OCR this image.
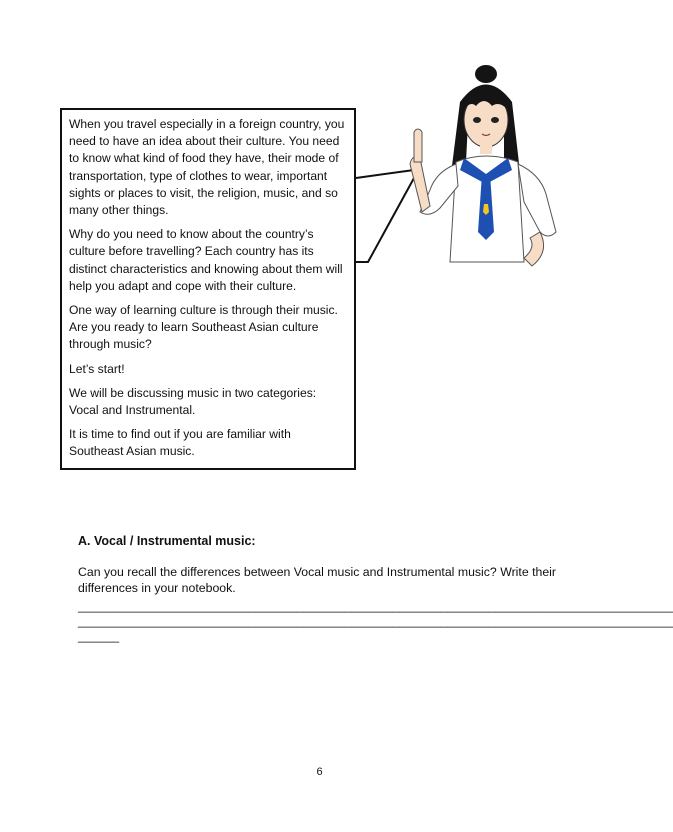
When you travel especially in a foreign country, you need to have an idea about their culture. You need to know what kind of food they have, their mode of transportation, type of clothes to wear, important sights or places to visit, the religion, music, and so many other things.

Why do you need to know about the country’s culture before travelling? Each country has its distinct characteristics and knowing about them will help you adapt and cope with their culture.

One way of learning culture is through their music. Are you ready to learn Southeast Asian culture through music?

Let’s start!

We will be discussing music in two categories: Vocal and Instrumental.

It is time to find out if you are familiar with Southeast Asian music.

A. Vocal / Instrumental music:

Can you recall the differences between Vocal music and Instrumental music? Write their differences in your notebook.

_______________________________________________________________________________________
_______________________________________________________________________________________
______
6
